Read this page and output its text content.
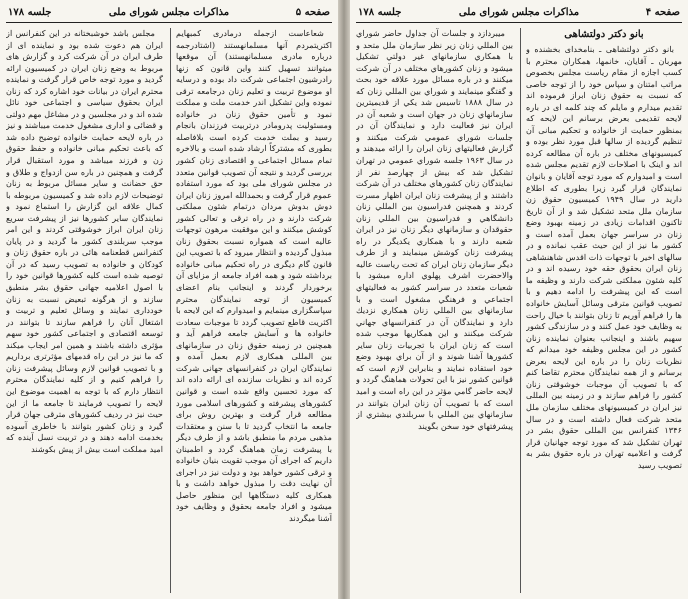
صفحه ۵
مذاکرات مجلس شورای ملی
جلسه ۱۷۸

شعاعاست ازجمله درمادری کمبهایم اکتریتمردم آنها مسلمانهستند (اشتادرجمه درباره مادری مسلمانهستند) آن موقعها میتوانند تسهیل کنند واین قانون که زنها رادرشیون اجتماعی شرکت داد بوده و درسایه او موضوع تربیت و تعلیم زنان درجامعه ترقی نموده واین تشکیل اندر خدمت ملت و مملکت نمود و تأمین حقوق زنان در خانواده ومسئولیت پدرومادر درتربیت فرزندان بانجام رسید و بملت خدمت کرده است بلافاصله بطوری که مشترکاً ارشاد شده است و بالاخره تمام مسائل اجتماعی و اقتصادی زنان کشور بررسی گردید و نتیجه آن تصویب قوانین متعدد در مجلس شورای ملی بود که مورد استفاده عموم قرار گرفت و بحمدالله امروز زنان ایران دوش بدوش مردان درتمام شئون مملکتی شرکت دارند و در راه ترقی و تعالی کشور کوشش میکنند و این موفقیت مرهون توجهات عالیه است که همواره نسبت بحقوق زنان مبذول گردیده و انتظار میرود که با تصویب این قانون گام دیگری در راه تحکیم مبانی خانواده برداشته شود و همه افراد جامعه از مزایای آن برخوردار گردند و اینجانب بنام اعضای کمیسیون از توجه نمایندگان محترم سپاسگزاری مینمایم و امیدوارم که این لایحه با اکثریت قاطع تصویب گردد تا موجبات سعادت خانواده ها و آسایش جامعه فراهم آید و همچنین در زمینه حقوق زنان در سازمانهای بین المللی همکاری لازم بعمل آمده و نمایندگان ایران در کنفرانسهای جهانی شرکت کرده اند و نظریات سازنده ای ارائه داده اند که مورد تحسین واقع شده است و قوانین کشورهای پیشرفته و کشورهای اسلامی مورد مطالعه قرار گرفت و بهترین روش برای جامعه ما انتخاب گردید تا با سنن و معتقدات مذهبی مردم ما منطبق باشد و از طرف دیگر با پیشرفت زمان هماهنگ گردد و اطمینان داریم که اجرای آن موجب تقویت بنیان خانواده و ترقی کشور خواهد بود و دولت نیز در اجرای آن نهایت دقت را مبذول خواهد داشت و با همکاری کلیه دستگاهها این منظور حاصل میشود و افراد جامعه بحقوق و وظایف خود آشنا میگردند

مجلس باشد خوشبختانه در این کنفرانس از ایران هم دعوت شده بود و نماینده ای از طرف ایران در آن شرکت کرد و گزارش های مربوط به وضع زنان ایران در کمیسیون ارائه گردید و مورد توجه خاص قرار گرفت و نماینده محترم ایران در بیانات خود اشاره کرد که زنان ایران بحقوق سیاسی و اجتماعی خود نائل شده اند و در مجلسین و در مشاغل مهم دولتی و قضائی و اداری مشغول خدمت میباشند و نیز در باره لایحه حمایت خانواده توضیح داده شد که باعث تحکیم مبانی خانواده و حفظ حقوق زن و فرزند میباشد و مورد استقبال قرار گرفت و همچنین در باره سن ازدواج و طلاق و حق حضانت و سایر مسائل مربوط به زنان توضیحات لازم داده شد و کمیسیون مربوطه با کمال علاقه این گزارش را استماع نمود و نمایندگان سایر کشورها نیز از پیشرفت سریع زنان ایران ابراز خوشوقتی کردند و این امر موجب سربلندی کشور ما گردید و در پایان کنفرانس قطعنامه هائی در باره حقوق زنان و کودکان و خانواده به تصویب رسید که در آن توصیه شده است کلیه کشورها قوانین خود را با اصول اعلامیه جهانی حقوق بشر منطبق سازند و از هرگونه تبعیض نسبت به زنان خودداری نمایند و وسائل تعلیم و تربیت و اشتغال آنان را فراهم سازند تا بتوانند در توسعه اقتصادی و اجتماعی کشور خود سهم مؤثری داشته باشند و همین امر ایجاب میکند که ما نیز در این راه قدمهای مؤثرتری برداریم و با تصویب قوانین لازم وسائل پیشرفت زنان را فراهم کنیم و از کلیه نمایندگان محترم انتظار دارم که با توجه به اهمیت موضوع این لایحه را تصویب فرمایند تا جامعه ما از این حیث نیز در ردیف کشورهای مترقی جهان قرار گیرد و زنان کشور بتوانند با خاطری آسوده بخدمت ادامه دهند و در تربیت نسل آینده که امید مملکت است بیش از پیش بکوشند

صفحه ۴
مذاکرات مجلس شورای ملی
جلسه ۱۷۸
بانو دکتر دولتشاهی

بانو دکتر دولتشاهی ـ بنامخدای بخشنده و مهربان ـ آقایان، خانمها، همکاران محترم با کسب اجازه از مقام ریاست مجلس بخصوص مراتب امتنان و سپاس خود را از توجه خاصی که نسبت به حقوق زنان ابراز فرموده اند تقدیم میدارم و مایلم که چند کلمه ای در باره لایحه تقدیمی بعرض برسانم این لایحه که بمنظور حمایت از خانواده و تحکیم مبانی آن تنظیم گردیده از سالها قبل مورد نظر بوده و کمیسیونهای مختلف در باره آن مطالعه کرده اند و اینک با اصلاحات لازم تقدیم مجلس شده است و امیدوارم که مورد توجه آقایان و بانوان نمایندگان قرار گیرد زیرا بطوری که اطلاع دارید در سال ۱۹۴۹ کمیسیون حقوق زن سازمان ملل متحد تشکیل شد و از آن تاریخ تاکنون اقدامات زیادی در زمینه بهبود وضع زنان در سراسر جهان بعمل آمده است و کشور ما نیز از این حیث عقب نمانده و در سالهای اخیر با توجهات ذات اقدس شاهنشاهی زنان ایران بحقوق حقه خود رسیده اند و در کلیه شئون مملکتی شرکت دارند و وظیفه ما است که این پیشرفت را ادامه دهیم و با تصویب قوانین مترقی وسائل آسایش خانواده ها را فراهم آوریم تا زنان بتوانند با خیال راحت به وظایف خود عمل کنند و در سازندگی کشور سهیم باشند و اینجانب بعنوان نماینده زنان کشور در این مجلس وظیفه خود میدانم که نظریات زنان را در باره این لایحه بعرض برسانم و از همه نمایندگان محترم تقاضا کنم که با تصویب آن موجبات خوشوقتی زنان کشور را فراهم سازند و در زمینه بین المللی نیز ایران در کمیسیونهای مختلف سازمان ملل متحد شرکت فعال داشته است و در سال ۱۳۴۶ کنفرانس بین المللی حقوق بشر در تهران تشکیل شد که مورد توجه جهانیان قرار گرفت و اعلامیه تهران در باره حقوق بشر به تصویب رسید

میبردازد و جلسات آن جداول حاضر شوراي بين المللي زنان زير نظر سازمان ملل متحد و با همكاري سازمانهاي غير دولتي تشكيل ميشود و زنان كشورهاي مختلف در آن شركت ميكنند و در باره مسائل مورد علاقه خود بحث و گفتگو مينمايند و شوراي بين المللي زنان كه در سال ۱۸۸۸ تاسيس شد يكي از قديميترين سازمانهاي زنان در جهان است و شعبه آن در ايران نيز فعاليت دارد و نمايندگان آن در جلسات شوراي عمومي شركت ميكنند و گزارش فعاليتهاي زنان ايران را ارائه ميدهند و در سال ۱۹۶۳ جلسه شوراي عمومي در تهران تشكيل شد كه بيش از چهارصد نفر از نمايندگان زنان كشورهاي مختلف در آن شركت داشتند و از پيشرفت زنان ايران اظهار مسرت كردند و همچنين فدراسيون بين المللي زنان دانشگاهي و فدراسيون بين المللي زنان حقوقدان و سازمانهاي ديگر زنان نيز در ايران شعبه دارند و با همكاري يكديگر در راه پيشرفت زنان كوشش مينمايند و از طرف ديگر سازمان زنان ايران كه تحت رياست عاليه والاحضرت اشرف پهلوي اداره ميشود با شعبات متعدد در سراسر كشور به فعاليتهاي اجتماعي و فرهنگي مشغول است و با سازمانهاي بين المللي زنان همكاري نزديك دارد و نمايندگان آن در كنفرانسهاي جهاني شركت ميكنند و اين همكاريها موجب شده است كه زنان ايران با تجربيات زنان ساير كشورها آشنا شوند و از آن براي بهبود وضع خود استفاده نمايند و بنابراين لازم است كه قوانين كشور نيز با اين تحولات هماهنگ گردد و لايحه حاضر گامي مؤثر در اين راه است و اميد است كه با تصويب آن زنان ايران بتوانند در سازمانهاي بين المللي با سربلندي بيشتري از پيشرفتهاي خود سخن بگويند
